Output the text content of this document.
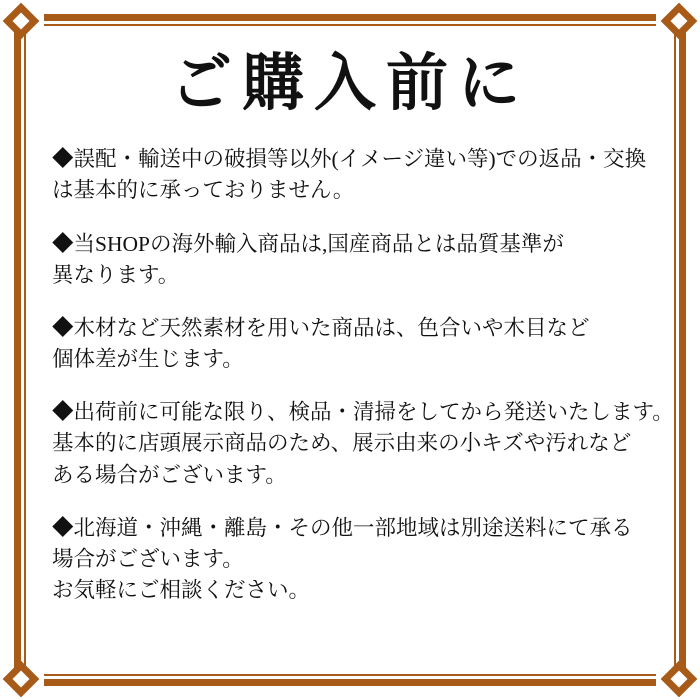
ご購入前に
◆誤配・輸送中の破損等以外(イメージ違い等)での返品・交換
は基本的に承っておりません。
◆当SHOPの海外輸入商品は,国産商品とは品質基準が
異なります。
◆木材など天然素材を用いた商品は、色合いや木目など
個体差が生じます。
◆出荷前に可能な限り、検品・清掃をしてから発送いたします。
基本的に店頭展示商品のため、展示由来の小キズや汚れなど
ある場合がございます。
◆北海道・沖縄・離島・その他一部地域は別途送料にて承る
場合がございます。
お気軽にご相談ください。
